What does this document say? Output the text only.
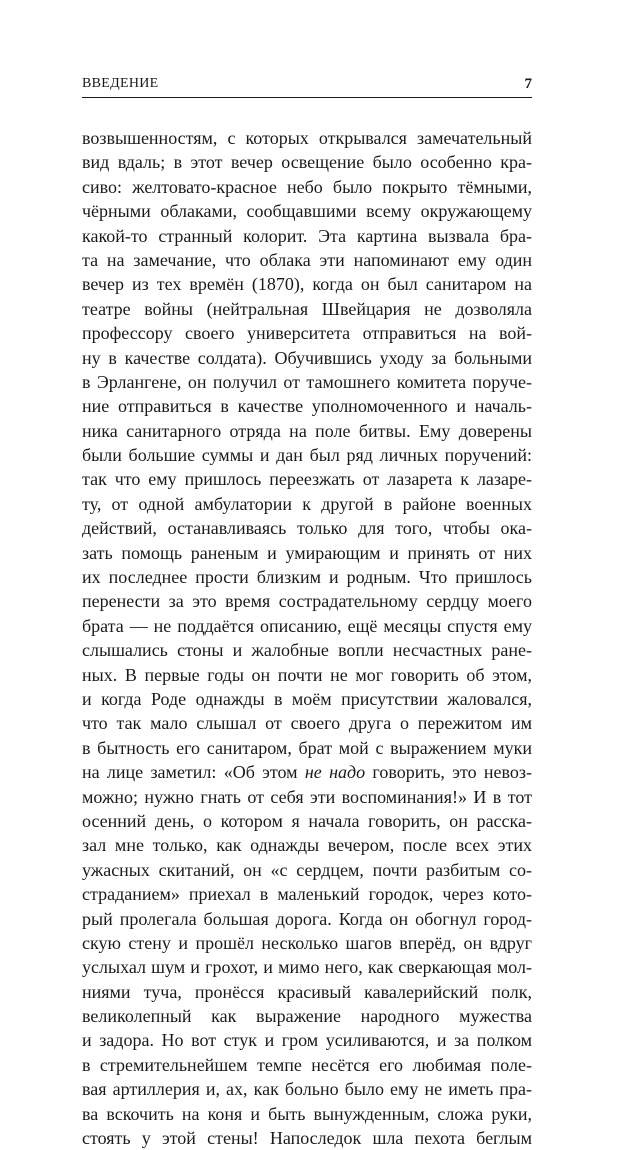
ВВЕДЕНИЕ	7
возвышенностям, с которых открывался замечательный
вид вдаль; в этот вечер освещение было особенно кра-
сиво: желтовато-красное небо было покрыто тёмными,
чёрными облаками, сообщавшими всему окружающему
какой-то странный колорит. Эта картина вызвала бра-
та на замечание, что облака эти напоминают ему один
вечер из тех времён (1870), когда он был санитаром на
театре войны (нейтральная Швейцария не дозволяла
профессору своего университета отправиться на вой-
ну в качестве солдата). Обучившись уходу за больными
в Эрлангене, он получил от тамошнего комитета поруче-
ние отправиться в качестве уполномоченного и началь-
ника санитарного отряда на поле битвы. Ему доверены
были большие суммы и дан был ряд личных поручений:
так что ему пришлось переезжать от лазарета к лазаре-
ту, от одной амбулатории к другой в районе военных
действий, останавливаясь только для того, чтобы ока-
зать помощь раненым и умирающим и принять от них
их последнее прости близким и родным. Что пришлось
перенести за это время сострадательному сердцу моего
брата — не поддаётся описанию, ещё месяцы спустя ему
слышались стоны и жалобные вопли несчастных ране-
ных. В первые годы он почти не мог говорить об этом,
и когда Роде однажды в моём присутствии жаловался,
что так мало слышал от своего друга о пережитом им
в бытность его санитаром, брат мой с выражением муки
на лице заметил: «Об этом не надо говорить, это невоз-
можно; нужно гнать от себя эти воспоминания!» И в тот
осенний день, о котором я начала говорить, он расска-
зал мне только, как однажды вечером, после всех этих
ужасных скитаний, он «с сердцем, почти разбитым со-
страданием» приехал в маленький городок, через кото-
рый пролегала большая дорога. Когда он обогнул город-
скую стену и прошёл несколько шагов вперёд, он вдруг
услыхал шум и грохот, и мимо него, как сверкающая мол-
ниями туча, пронёсся красивый кавалерийский полк,
великолепный как выражение народного мужества
и задора. Но вот стук и гром усиливаются, и за полком
в стремительнейшем темпе несётся его любимая поле-
вая артиллерия и, ах, как больно было ему не иметь пра-
ва вскочить на коня и быть вынужденным, сложа руки,
стоять у этой стены! Напоследок шла пехота беглым
